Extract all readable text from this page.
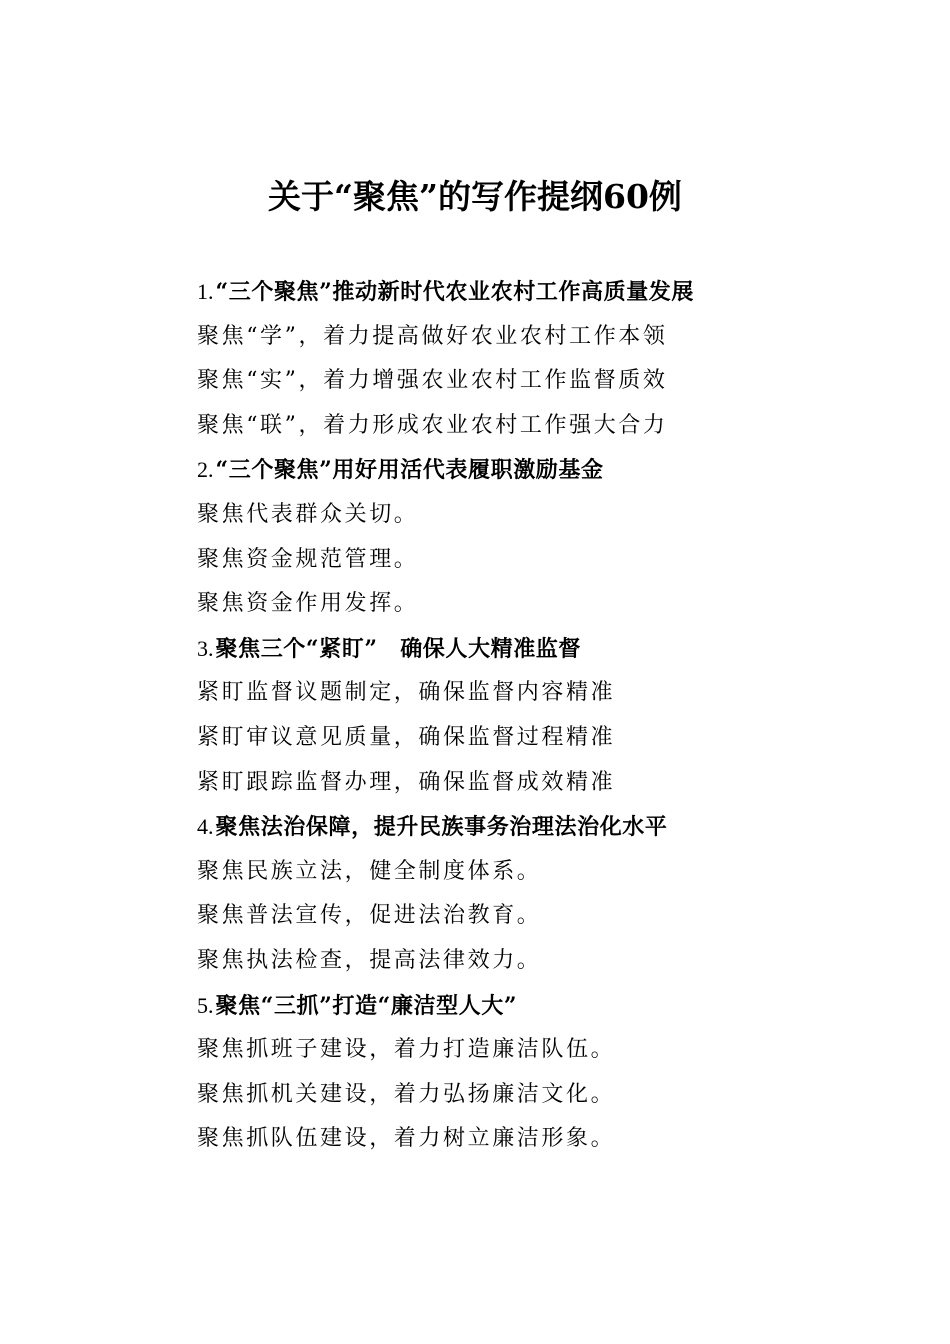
关于“聚焦”的写作提纲60例
1.“三个聚焦”推动新时代农业农村工作高质量发展
聚焦“学”，着力提高做好农业农村工作本领
聚焦“实”，着力增强农业农村工作监督质效
聚焦“联”，着力形成农业农村工作强大合力
2.“三个聚焦”用好用活代表履职激励基金
聚焦代表群众关切。
聚焦资金规范管理。
聚焦资金作用发挥。
3.聚焦三个“紧盯”　确保人大精准监督
紧盯监督议题制定，确保监督内容精准
紧盯审议意见质量，确保监督过程精准
紧盯跟踪监督办理，确保监督成效精准
4.聚焦法治保障，提升民族事务治理法治化水平
聚焦民族立法，健全制度体系。
聚焦普法宣传，促进法治教育。
聚焦执法检查，提高法律效力。
5.聚焦“三抓”打造“廉洁型人大”
聚焦抓班子建设，着力打造廉洁队伍。
聚焦抓机关建设，着力弘扬廉洁文化。
聚焦抓队伍建设，着力树立廉洁形象。
